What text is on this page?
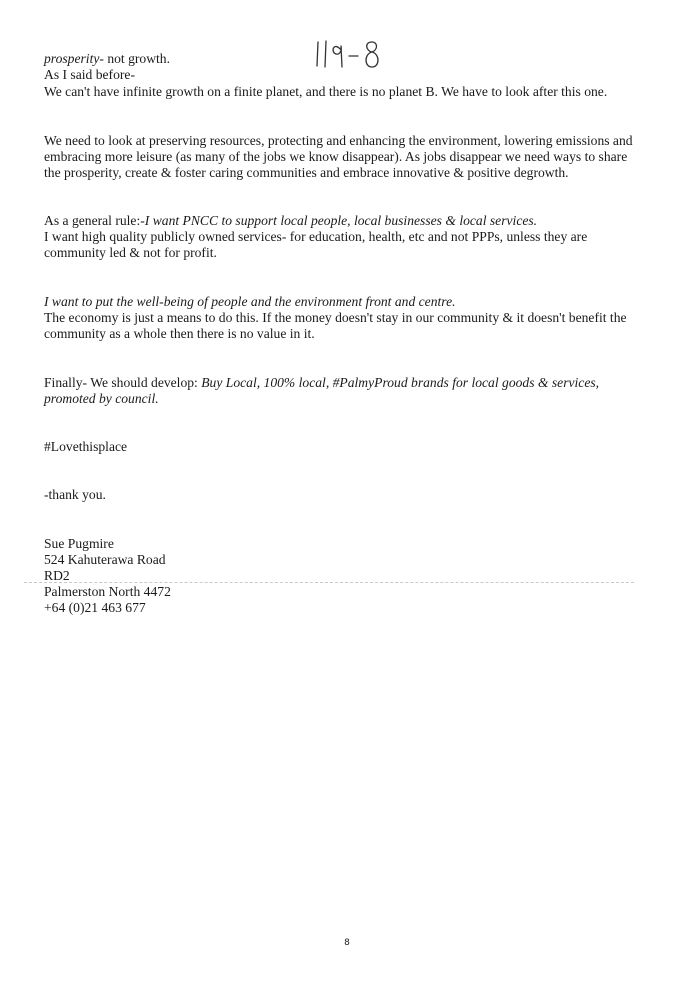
prosperity- not growth.
As I said before-
We can't have infinite growth on a finite planet, and there is no planet B. We have to look after this one.
We need to look at preserving resources, protecting and enhancing the environment, lowering emissions and
embracing more leisure (as many of the jobs we know disappear). As jobs disappear we need ways to share
the prosperity, create & foster caring communities and embrace innovative & positive degrowth.
As a general rule:-I want PNCC to support local people, local businesses & local services.
I want high quality publicly owned services- for education, health, etc and not PPPs, unless they are
community led & not for profit.
I want to put the well-being of people and the environment front and centre.
The economy is just a means to do this. If the money doesn't stay in our community & it doesn't benefit the
community as a whole then there is no value in it.
Finally- We should develop: Buy Local, 100% local, #PalmyProud brands for local goods & services,
promoted by council.
#Lovethisplace
-thank you.
Sue Pugmire
524 Kahuterawa Road
RD2
Palmerston North 4472
+64 (0)21 463 677
8
